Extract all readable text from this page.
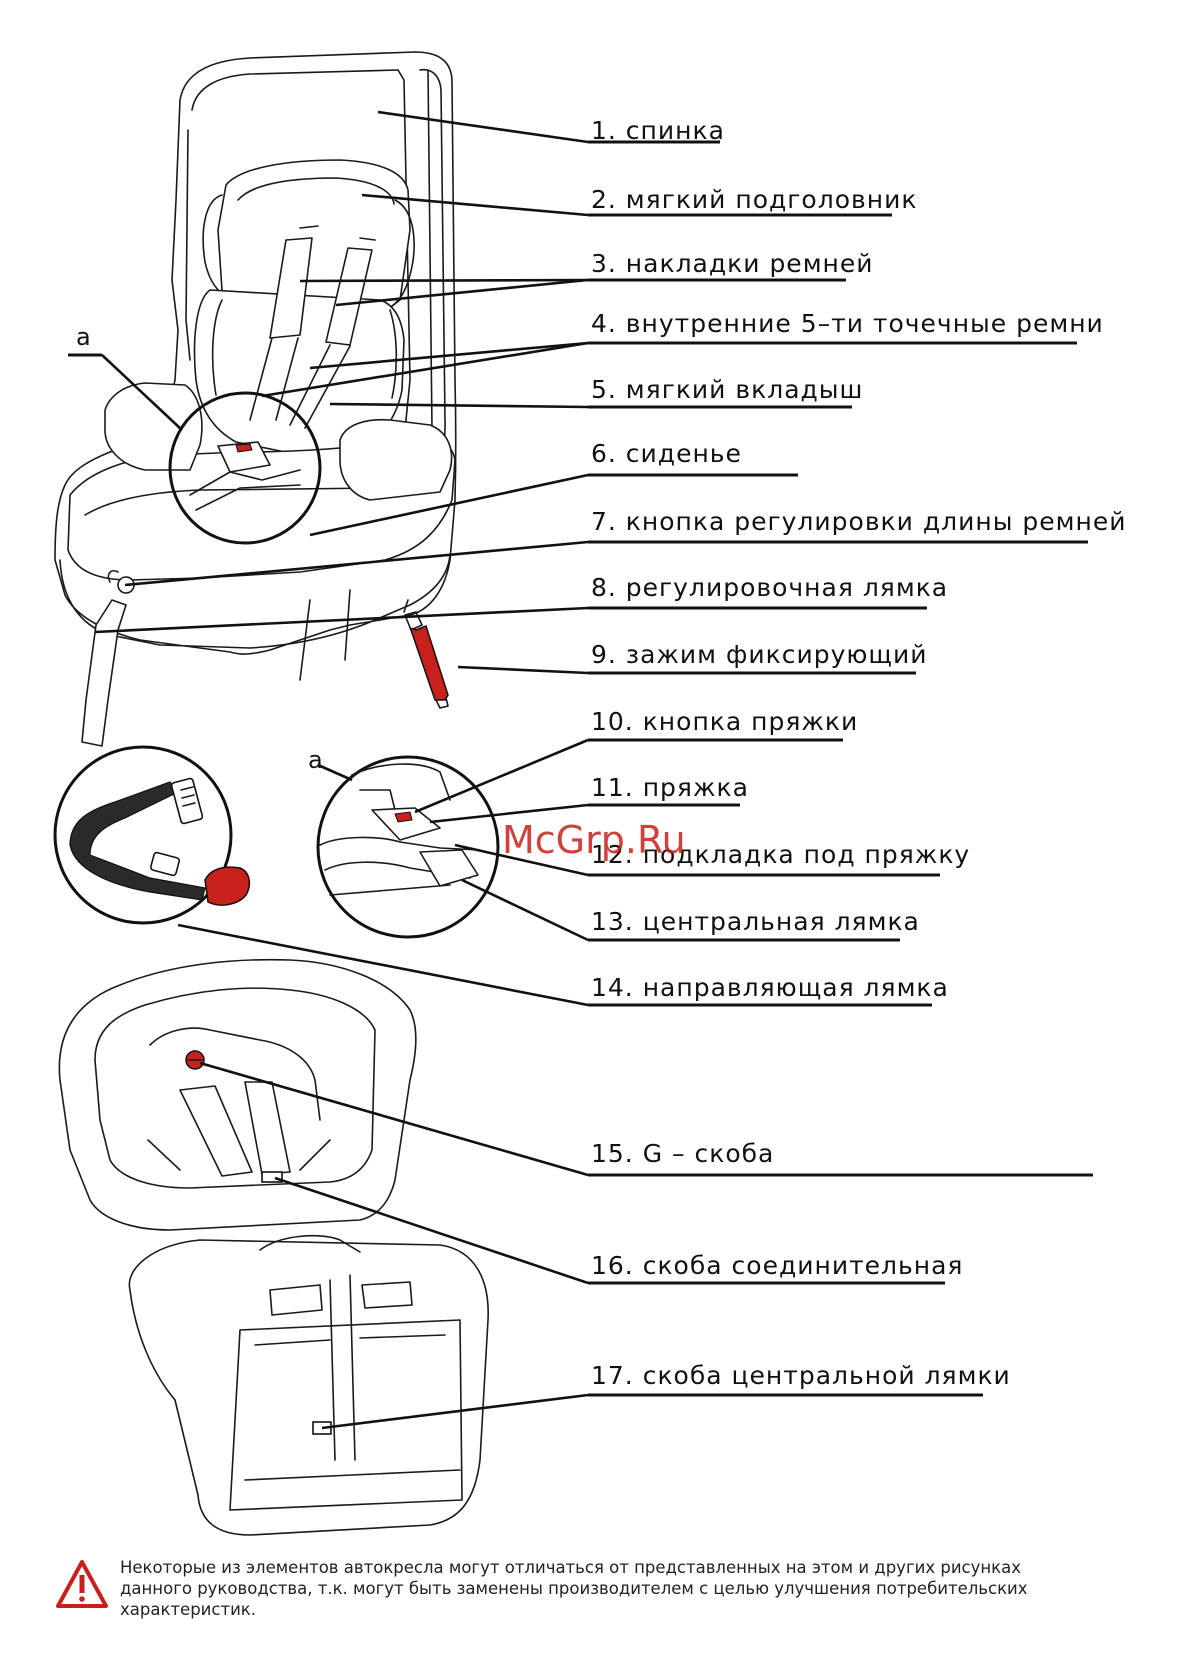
1. спинка
2. мягкий подголовник
3. накладки ремней
4. внутренние 5–ти точечные ремни
5. мягкий вкладыш
6. сиденье
7. кнопка регулировки длины ремней
8. регулировочная лямка
9. зажим фиксирующий
10. кнопка пряжки
11. пряжка
12. подкладка под пряжку
13. центральная лямка
14. направляющая лямка
15. G – скоба
16. скоба соединительная
17. скоба центральной лямки
a
a
McGrp.Ru
Некоторые из элементов автокресла могут отличаться от представленных на этом и других рисунках
данного руководства, т.к. могут быть заменены производителем с целью улучшения потребительских
характеристик.
